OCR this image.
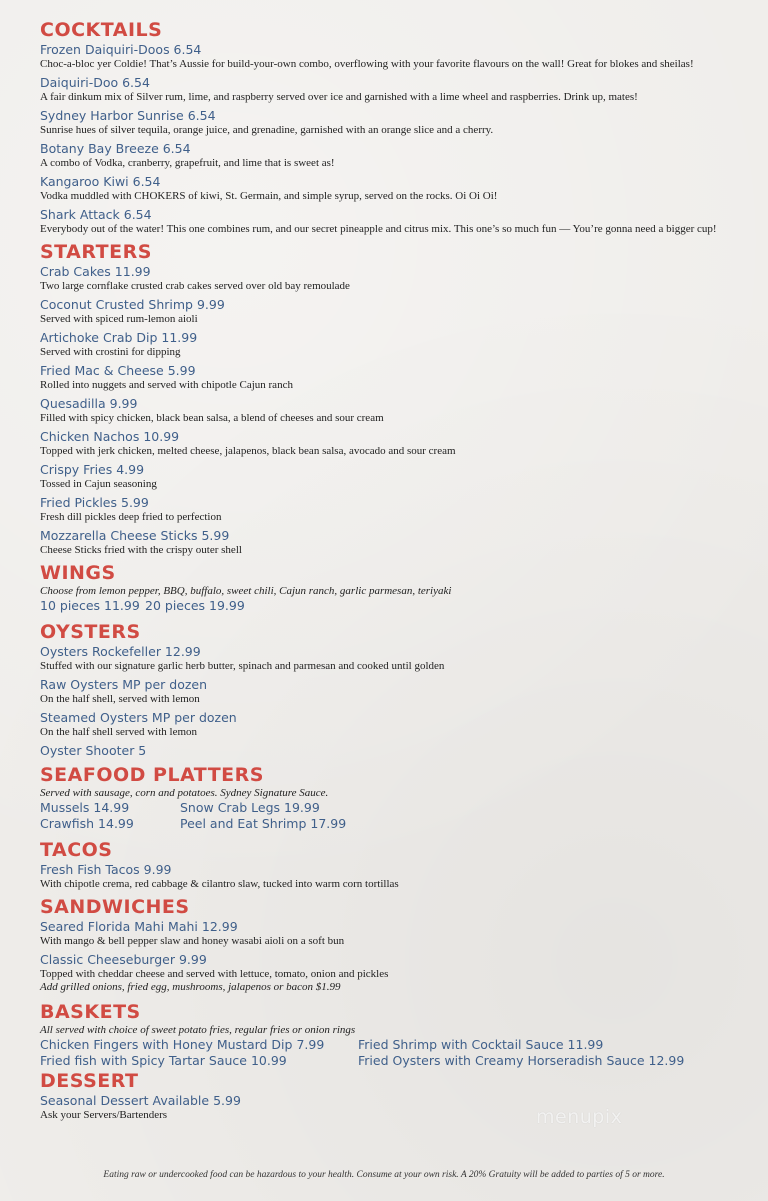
COCKTAILS
Frozen Daiquiri-Doos 6.54
Choc-a-bloc yer Coldie! That’s Aussie for build-your-own combo, overflowing with your favorite flavours on the wall! Great for blokes and sheilas!
Daiquiri-Doo 6.54
A fair dinkum mix of Silver rum, lime, and raspberry served over ice and garnished with a lime wheel and raspberries. Drink up, mates!
Sydney Harbor Sunrise 6.54
Sunrise hues of silver tequila, orange juice, and grenadine, garnished with an orange slice and a cherry.
Botany Bay Breeze 6.54
A combo of Vodka, cranberry, grapefruit, and lime that is sweet as!
Kangaroo Kiwi 6.54
Vodka muddled with CHOKERS of kiwi, St. Germain, and simple syrup, served on the rocks. Oi Oi Oi!
Shark Attack 6.54
Everybody out of the water! This one combines rum, and our secret pineapple and citrus mix. This one’s so much fun — You’re gonna need a bigger cup!
STARTERS
Crab Cakes 11.99
Two large cornflake crusted crab cakes served over old bay remoulade
Coconut Crusted Shrimp 9.99
Served with spiced rum-lemon aioli
Artichoke Crab Dip 11.99
Served with crostini for dipping
Fried Mac & Cheese 5.99
Rolled into nuggets and served with chipotle Cajun ranch
Quesadilla 9.99
Filled with spicy chicken, black bean salsa, a blend of cheeses and sour cream
Chicken Nachos 10.99
Topped with jerk chicken, melted cheese, jalapenos, black bean salsa, avocado and sour cream
Crispy Fries 4.99
Tossed in Cajun seasoning
Fried Pickles 5.99
Fresh dill pickles deep fried to perfection
Mozzarella Cheese Sticks 5.99
Cheese Sticks fried with the crispy outer shell
WINGS
Choose from lemon pepper, BBQ, buffalo, sweet chili, Cajun ranch, garlic parmesan, teriyaki
10 pieces 11.99 20 pieces 19.99
OYSTERS
Oysters Rockefeller 12.99
Stuffed with our signature garlic herb butter, spinach and parmesan and cooked until golden
Raw Oysters MP per dozen
On the half shell, served with lemon
Steamed Oysters MP per dozen
On the half shell served with lemon
Oyster Shooter 5
SEAFOOD PLATTERS
Served with sausage, corn and potatoes. Sydney Signature Sauce.
Mussels 14.99
Crawfish 14.99
Snow Crab Legs 19.99
Peel and Eat Shrimp 17.99
TACOS
Fresh Fish Tacos 9.99
With chipotle crema, red cabbage & cilantro slaw, tucked into warm corn tortillas
SANDWICHES
Seared Florida Mahi Mahi 12.99
With mango & bell pepper slaw and honey wasabi aioli on a soft bun
Classic Cheeseburger 9.99
Topped with cheddar cheese and served with lettuce, tomato, onion and pickles
Add grilled onions, fried egg, mushrooms, jalapenos or bacon $1.99
BASKETS
All served with choice of sweet potato fries, regular fries or onion rings
Chicken Fingers with Honey Mustard Dip 7.99
Fried fish with Spicy Tartar Sauce 10.99
Fried Shrimp with Cocktail Sauce 11.99
Fried Oysters with Creamy Horseradish Sauce 12.99
DESSERT
Seasonal Dessert Available 5.99
Ask your Servers/Bartenders	menupix
Eating raw or undercooked food can be hazardous to your health. Consume at your own risk. A 20% Gratuity will be added to parties of 5 or more.
